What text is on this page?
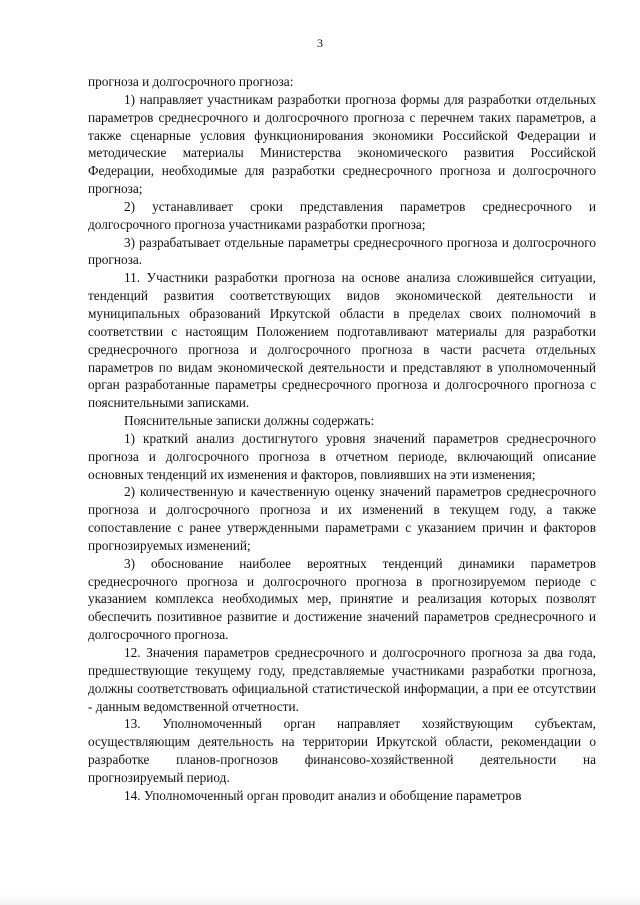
3

прогноза и долгосрочного прогноза:

1) направляет участникам разработки прогноза формы для разработки отдельных параметров среднесрочного и долгосрочного прогноза с перечнем таких параметров, а также сценарные условия функционирования экономики Российской Федерации и методические материалы Министерства экономического развития Российской Федерации, необходимые для разработки среднесрочного прогноза и долгосрочного прогноза;

2) устанавливает сроки представления параметров среднесрочного и долгосрочного прогноза участниками разработки прогноза;

3) разрабатывает отдельные параметры среднесрочного прогноза и долгосрочного прогноза.

11. Участники разработки прогноза на основе анализа сложившейся ситуации, тенденций развития соответствующих видов экономической деятельности и муниципальных образований Иркутской области в пределах своих полномочий в соответствии с настоящим Положением подготавливают материалы для разработки среднесрочного прогноза и долгосрочного прогноза в части расчета отдельных параметров по видам экономической деятельности и представляют в уполномоченный орган разработанные параметры среднесрочного прогноза и долгосрочного прогноза с пояснительными записками.

Пояснительные записки должны содержать:

1) краткий анализ достигнутого уровня значений параметров среднесрочного прогноза и долгосрочного прогноза в отчетном периоде, включающий описание основных тенденций их изменения и факторов, повлиявших на эти изменения;

2) количественную и качественную оценку значений параметров среднесрочного прогноза и долгосрочного прогноза и их изменений в текущем году, а также сопоставление с ранее утвержденными параметрами с указанием причин и факторов прогнозируемых изменений;

3) обоснование наиболее вероятных тенденций динамики параметров среднесрочного прогноза и долгосрочного прогноза в прогнозируемом периоде с указанием комплекса необходимых мер, принятие и реализация которых позволят обеспечить позитивное развитие и достижение значений параметров среднесрочного и долгосрочного прогноза.

12. Значения параметров среднесрочного и долгосрочного прогноза за два года, предшествующие текущему году, представляемые участниками разработки прогноза, должны соответствовать официальной статистической информации, а при ее отсутствии - данным ведомственной отчетности.

13. Уполномоченный орган направляет хозяйствующим субъектам, осуществляющим деятельность на территории Иркутской области, рекомендации о разработке планов-прогнозов финансово-хозяйственной деятельности на прогнозируемый период.

14. Уполномоченный орган проводит анализ и обобщение параметров
